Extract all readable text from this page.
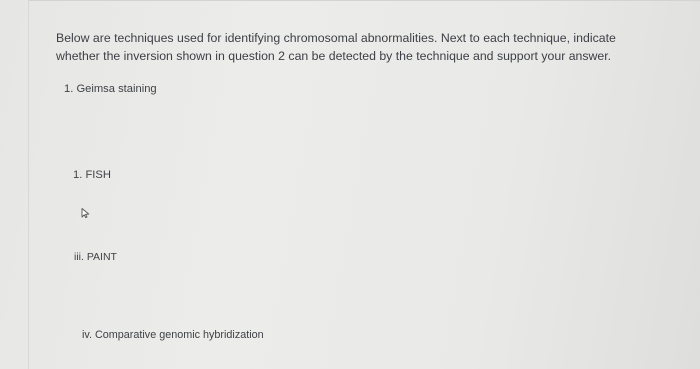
Below are techniques used for identifying chromosomal abnormalities. Next to each technique, indicate
whether the inversion shown in question 2 can be detected by the technique and support your answer.

1. Geimsa staining

1. FISH

iii. PAINT

iv. Comparative genomic hybridization
